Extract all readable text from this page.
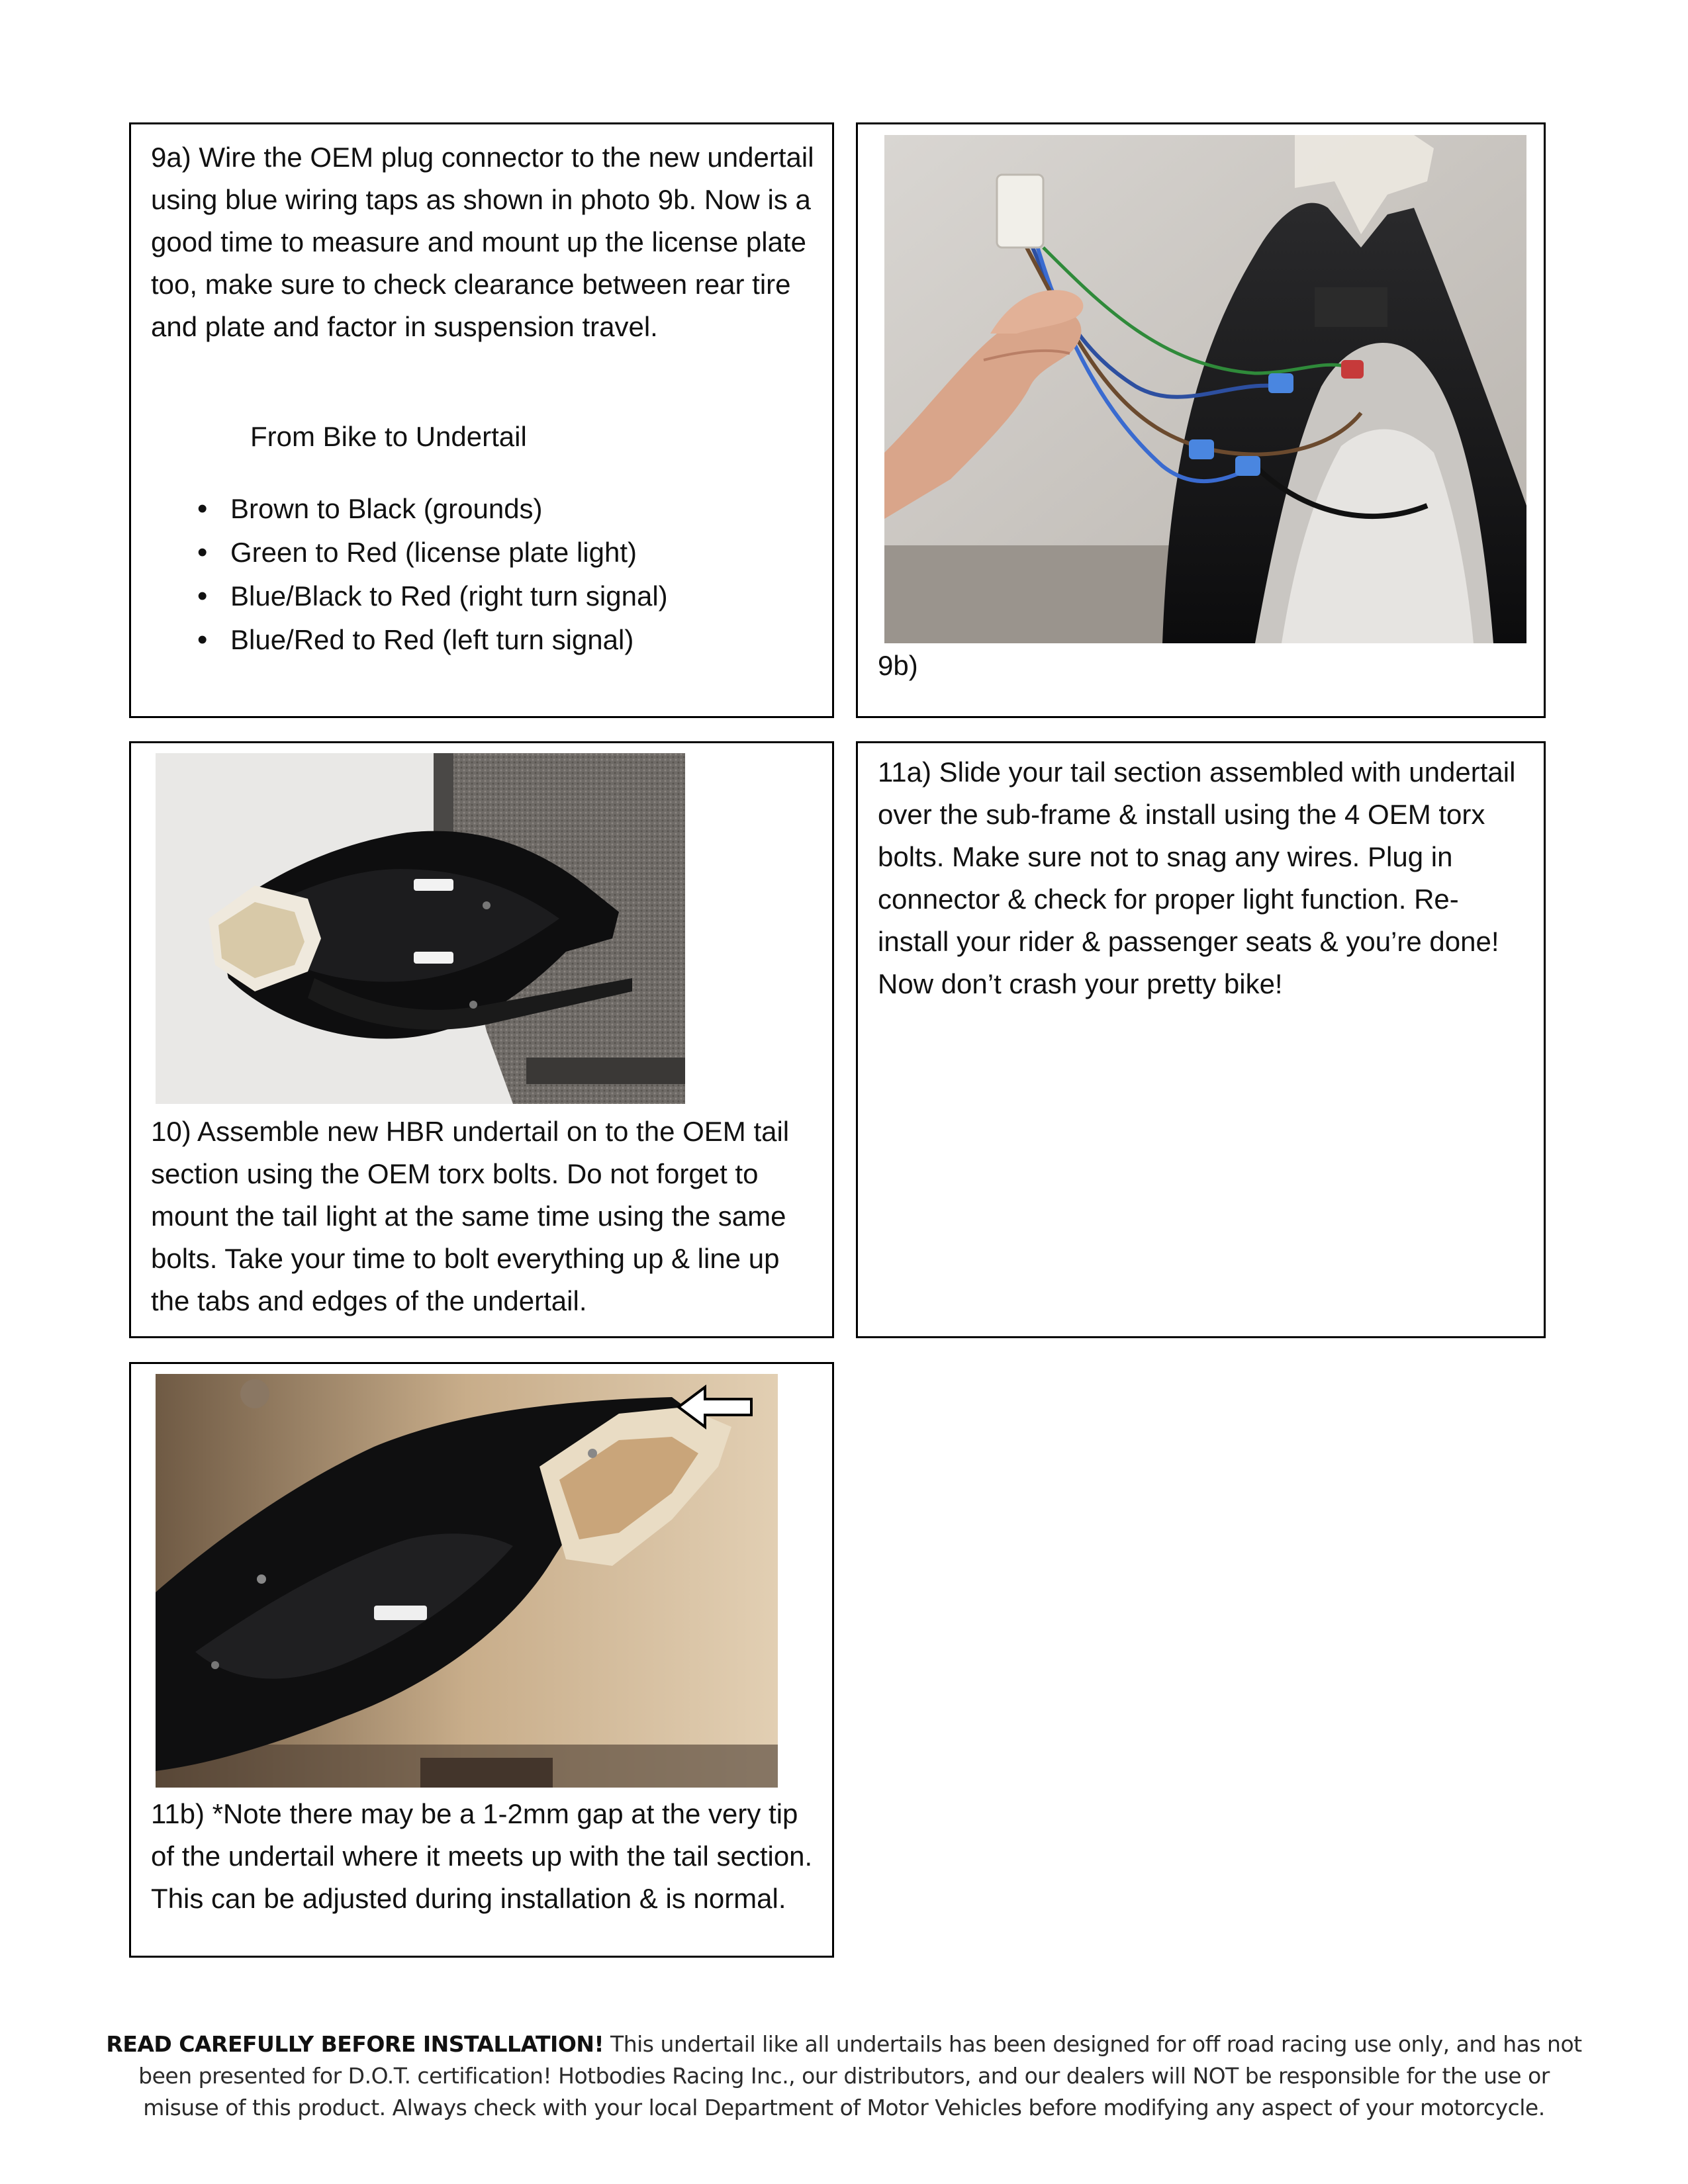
9a) Wire the OEM plug connector to the new undertail using blue wiring taps as shown in photo 9b. Now is a good time to measure and mount up the license plate too, make sure to check clearance between rear tire and plate and factor in suspension travel.
From Bike to Undertail
• Brown to Black (grounds)
• Green to Red (license plate light)
• Blue/Black to Red (right turn signal)
• Blue/Red to Red (left turn signal)
9b)
10) Assemble new HBR undertail on to the OEM tail section using the OEM torx bolts. Do not forget to mount the tail light at the same time using the same bolts. Take your time to bolt everything up & line up the tabs and edges of the undertail.
11a) Slide your tail section assembled with undertail over the sub-frame & install using the 4 OEM torx bolts. Make sure not to snag any wires. Plug in connector & check for proper light function. Re-install your rider & passenger seats & you’re done! Now don’t crash your pretty bike!
11b) *Note there may be a 1-2mm gap at the very tip of the undertail where it meets up with the tail section. This can be adjusted during installation & is normal.
READ CAREFULLY BEFORE INSTALLATION! This undertail like all undertails has been designed for off road racing use only, and has not been presented for D.O.T. certification! Hotbodies Racing Inc., our distributors, and our dealers will NOT be responsible for the use or misuse of this product. Always check with your local Department of Motor Vehicles before modifying any aspect of your motorcycle.
